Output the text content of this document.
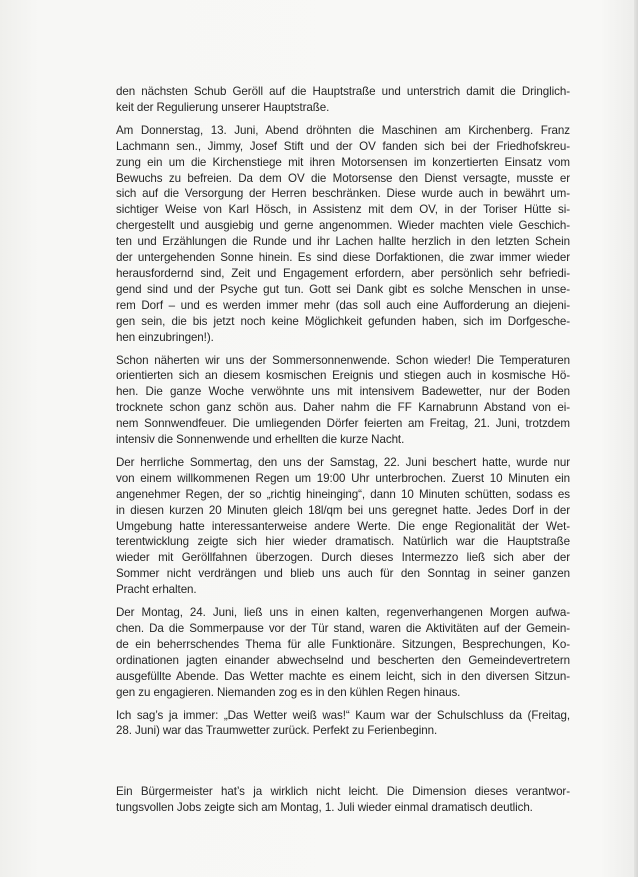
den nächsten Schub Geröll auf die Hauptstraße und unterstrich damit die Dringlich-
keit der Regulierung unserer Hauptstraße.
Am Donnerstag, 13. Juni, Abend dröhnten die Maschinen am Kirchenberg. Franz
Lachmann sen., Jimmy, Josef Stift und der OV fanden sich bei der Friedhofskreu-
zung ein um die Kirchenstiege mit ihren Motorsensen im konzertierten Einsatz vom
Bewuchs zu befreien. Da dem OV die Motorsense den Dienst versagte, musste er
sich auf die Versorgung der Herren beschränken. Diese wurde auch in bewährt um-
sichtiger Weise von Karl Hösch, in Assistenz mit dem OV, in der Toriser Hütte si-
chergestellt und ausgiebig und gerne angenommen. Wieder machten viele Geschich-
ten und Erzählungen die Runde und ihr Lachen hallte herzlich in den letzten Schein
der untergehenden Sonne hinein. Es sind diese Dorfaktionen, die zwar immer wieder
herausfordernd sind, Zeit und Engagement erfordern, aber persönlich sehr befriedi-
gend sind und der Psyche gut tun. Gott sei Dank gibt es solche Menschen in unse-
rem Dorf – und es werden immer mehr (das soll auch eine Aufforderung an diejeni-
gen sein, die bis jetzt noch keine Möglichkeit gefunden haben, sich im Dorfgesche-
hen einzubringen!).
Schon näherten wir uns der Sommersonnenwende. Schon wieder! Die Temperaturen
orientierten sich an diesem kosmischen Ereignis und stiegen auch in kosmische Hö-
hen. Die ganze Woche verwöhnte uns mit intensivem Badewetter, nur der Boden
trocknete schon ganz schön aus. Daher nahm die FF Karnabrunn Abstand von ei-
nem Sonnwendfeuer. Die umliegenden Dörfer feierten am Freitag, 21. Juni, trotzdem
intensiv die Sonnenwende und erhellten die kurze Nacht.
Der herrliche Sommertag, den uns der Samstag, 22. Juni beschert hatte, wurde nur
von einem willkommenen Regen um 19:00 Uhr unterbrochen. Zuerst 10 Minuten ein
angenehmer Regen, der so „richtig hineinging“, dann 10 Minuten schütten, sodass es
in diesen kurzen 20 Minuten gleich 18l/qm bei uns geregnet hatte. Jedes Dorf in der
Umgebung hatte interessanterweise andere Werte. Die enge Regionalität der Wet-
terentwicklung zeigte sich hier wieder dramatisch. Natürlich war die Hauptstraße
wieder mit Geröllfahnen überzogen. Durch dieses Intermezzo ließ sich aber der
Sommer nicht verdrängen und blieb uns auch für den Sonntag in seiner ganzen
Pracht erhalten.
Der Montag, 24. Juni, ließ uns in einen kalten, regenverhangenen Morgen aufwa-
chen. Da die Sommerpause vor der Tür stand, waren die Aktivitäten auf der Gemein-
de ein beherrschendes Thema für alle Funktionäre. Sitzungen, Besprechungen, Ko-
ordinationen jagten einander abwechselnd und bescherten den Gemeindevertretern
ausgefüllte Abende. Das Wetter machte es einem leicht, sich in den diversen Sitzun-
gen zu engagieren. Niemanden zog es in den kühlen Regen hinaus.
Ich sag’s ja immer: „Das Wetter weiß was!“ Kaum war der Schulschluss da (Freitag,
28. Juni) war das Traumwetter zurück. Perfekt zu Ferienbeginn.
Ein Bürgermeister hat’s ja wirklich nicht leicht. Die Dimension dieses verantwor-
tungsvollen Jobs zeigte sich am Montag, 1. Juli wieder einmal dramatisch deutlich.
